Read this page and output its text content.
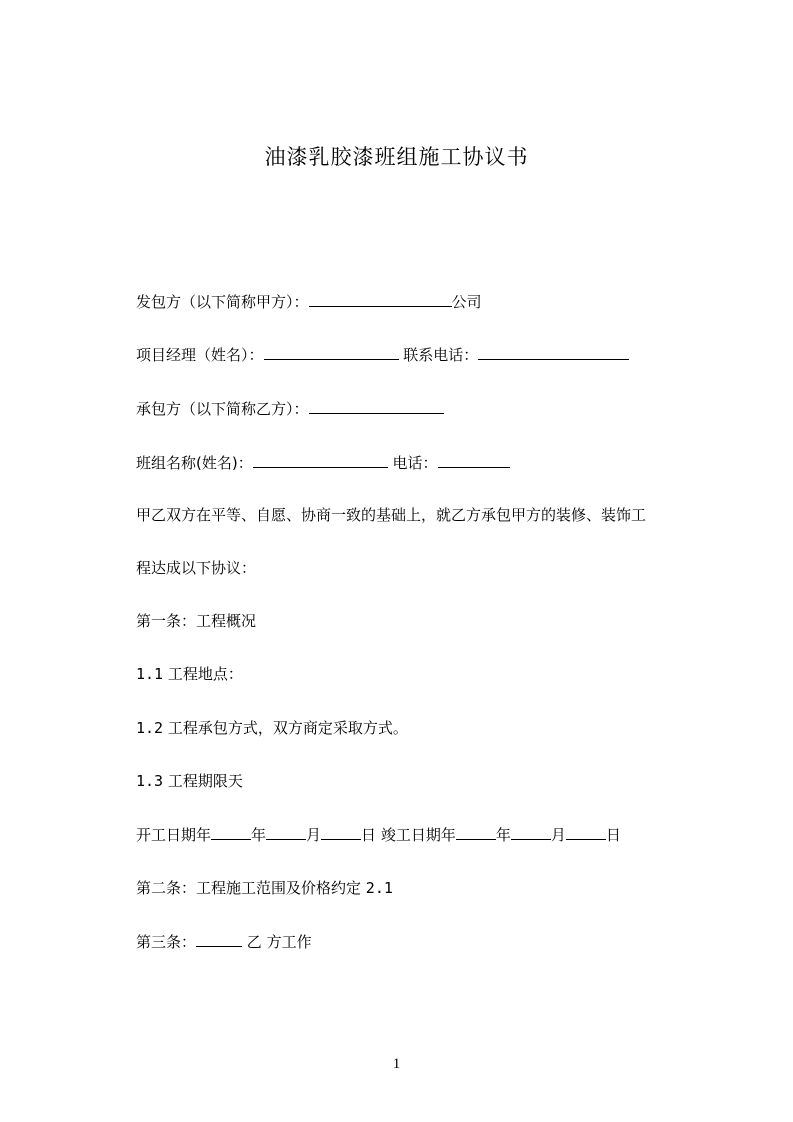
油漆乳胶漆班组施工协议书
发包方（以下简称甲方）：	公司
项目经理（姓名）：	联系电话：
承包方（以下简称乙方）：
班组名称(姓名)：	电话：
甲乙双方在平等、自愿、协商一致的基础上，就乙方承包甲方的装修、装饰工
程达成以下协议：
第一条：工程概况
1.1 工程地点：
1.2 工程承包方式，双方商定采取方式。
1.3 工程期限天
开工日期年	年	月	日 竣工日期年	年	月	日
第二条：工程施工范围及价格约定 2.1
第三条：	乙 方工作
1
